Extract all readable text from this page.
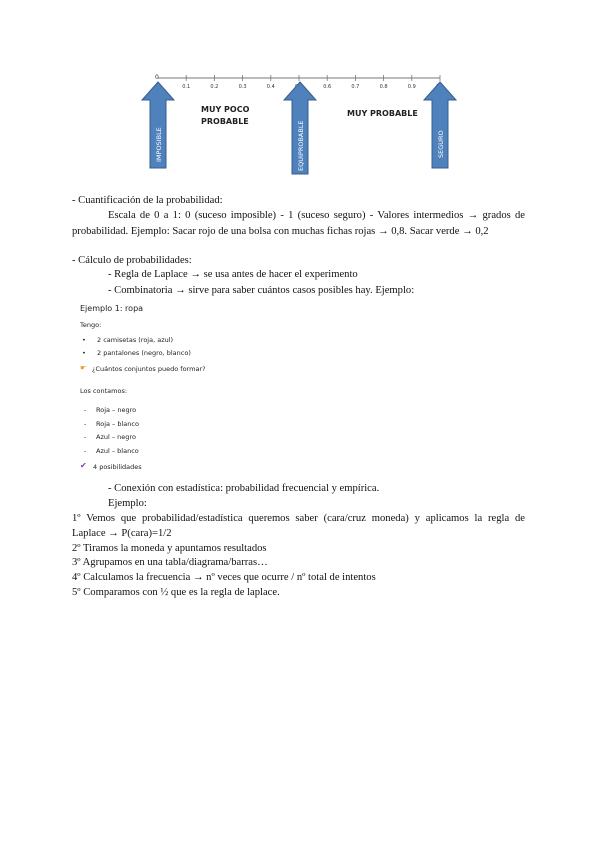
0.1	0.2	0.3	0.4	0.6	0.7	0.8	0.9
0
IMPOSIBLE	EQUIPROBABLE	SEGURO
MUY POCO
PROBABLE
MUY PROBABLE
- Cuantificación de la probabilidad:
Escala de 0 a 1: 0 (suceso imposible) - 1 (suceso seguro) - Valores intermedios → grados de
probabilidad. Ejemplo: Sacar rojo de una bolsa con muchas fichas rojas → 0,8. Sacar verde → 0,2
- Cálculo de probabilidades:
- Regla de Laplace → se usa antes de hacer el experimento
- Combinatoria → sirve para saber cuántos casos posibles hay. Ejemplo:
Ejemplo 1: ropa
Tengo:
• 2 camisetas (roja, azul)
• 2 pantalones (negro, blanco)
☛ ¿Cuántos conjuntos puedo formar?
Los contamos:
- Roja – negro
- Roja – blanco
- Azul – negro
- Azul – blanco
✔ 4 posibilidades
- Conexión con estadística: probabilidad frecuencial y empírica.
Ejemplo:
1º Vemos que probabilidad/estadística queremos saber (cara/cruz moneda) y aplicamos la regla de
Laplace → P(cara)=1/2
2º Tiramos la moneda y apuntamos resultados
3º Agrupamos en una tabla/diagrama/barras…
4º Calculamos la frecuencia → nº veces que ocurre / nº total de intentos
5º Comparamos con ½ que es la regla de laplace.
